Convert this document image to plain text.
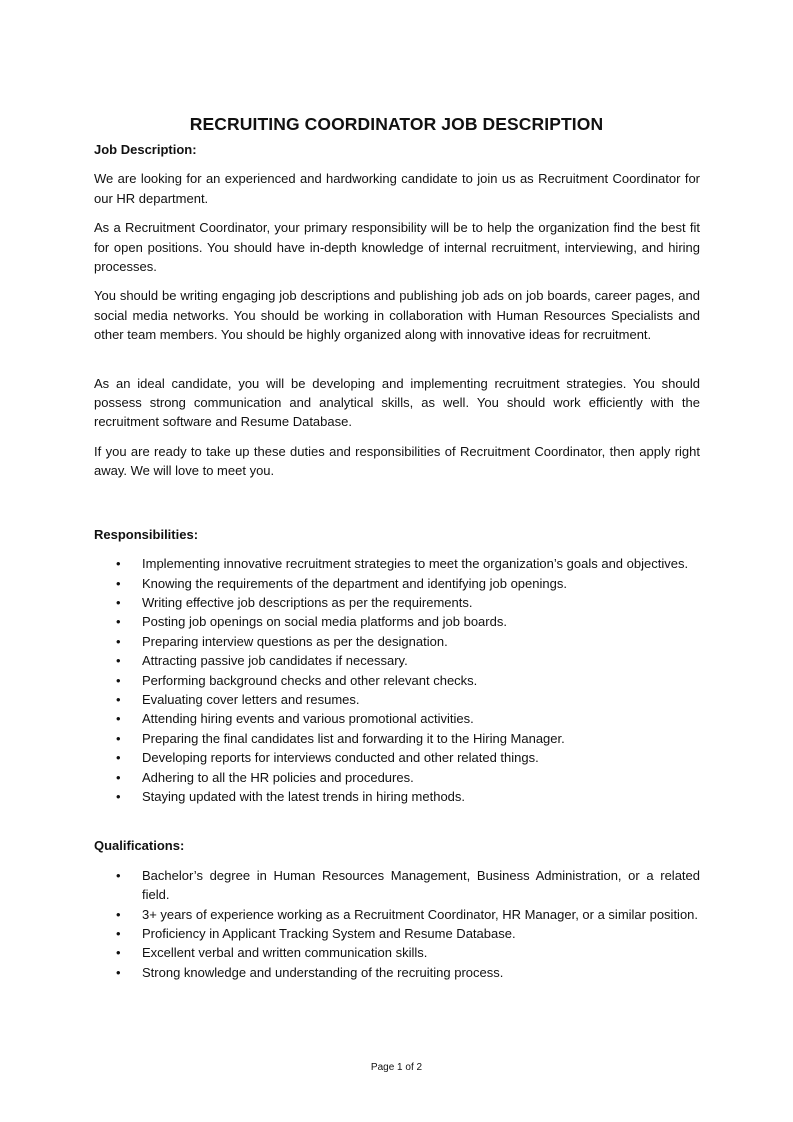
RECRUITING COORDINATOR JOB DESCRIPTION
Job Description:

We are looking for an experienced and hardworking candidate to join us as Recruitment Coordinator for our HR department.

As a Recruitment Coordinator, your primary responsibility will be to help the organization find the best fit for open positions. You should have in-depth knowledge of internal recruitment, interviewing, and hiring processes.

You should be writing engaging job descriptions and publishing job ads on job boards, career pages, and social media networks. You should be working in collaboration with Human Resources Specialists and other team members. You should be highly organized along with innovative ideas for recruitment.

As an ideal candidate, you will be developing and implementing recruitment strategies. You should possess strong communication and analytical skills, as well. You should work efficiently with the recruitment software and Resume Database.

If you are ready to take up these duties and responsibilities of Recruitment Coordinator, then apply right away. We will love to meet you.

Responsibilities:
• Implementing innovative recruitment strategies to meet the organization’s goals and objectives.
• Knowing the requirements of the department and identifying job openings.
• Writing effective job descriptions as per the requirements.
• Posting job openings on social media platforms and job boards.
• Preparing interview questions as per the designation.
• Attracting passive job candidates if necessary.
• Performing background checks and other relevant checks.
• Evaluating cover letters and resumes.
• Attending hiring events and various promotional activities.
• Preparing the final candidates list and forwarding it to the Hiring Manager.
• Developing reports for interviews conducted and other related things.
• Adhering to all the HR policies and procedures.
• Staying updated with the latest trends in hiring methods.
Qualifications:
• Bachelor’s degree in Human Resources Management, Business Administration, or a related field.
• 3+ years of experience working as a Recruitment Coordinator, HR Manager, or a similar position.
• Proficiency in Applicant Tracking System and Resume Database.
• Excellent verbal and written communication skills.
• Strong knowledge and understanding of the recruiting process.
Page 1 of 2
